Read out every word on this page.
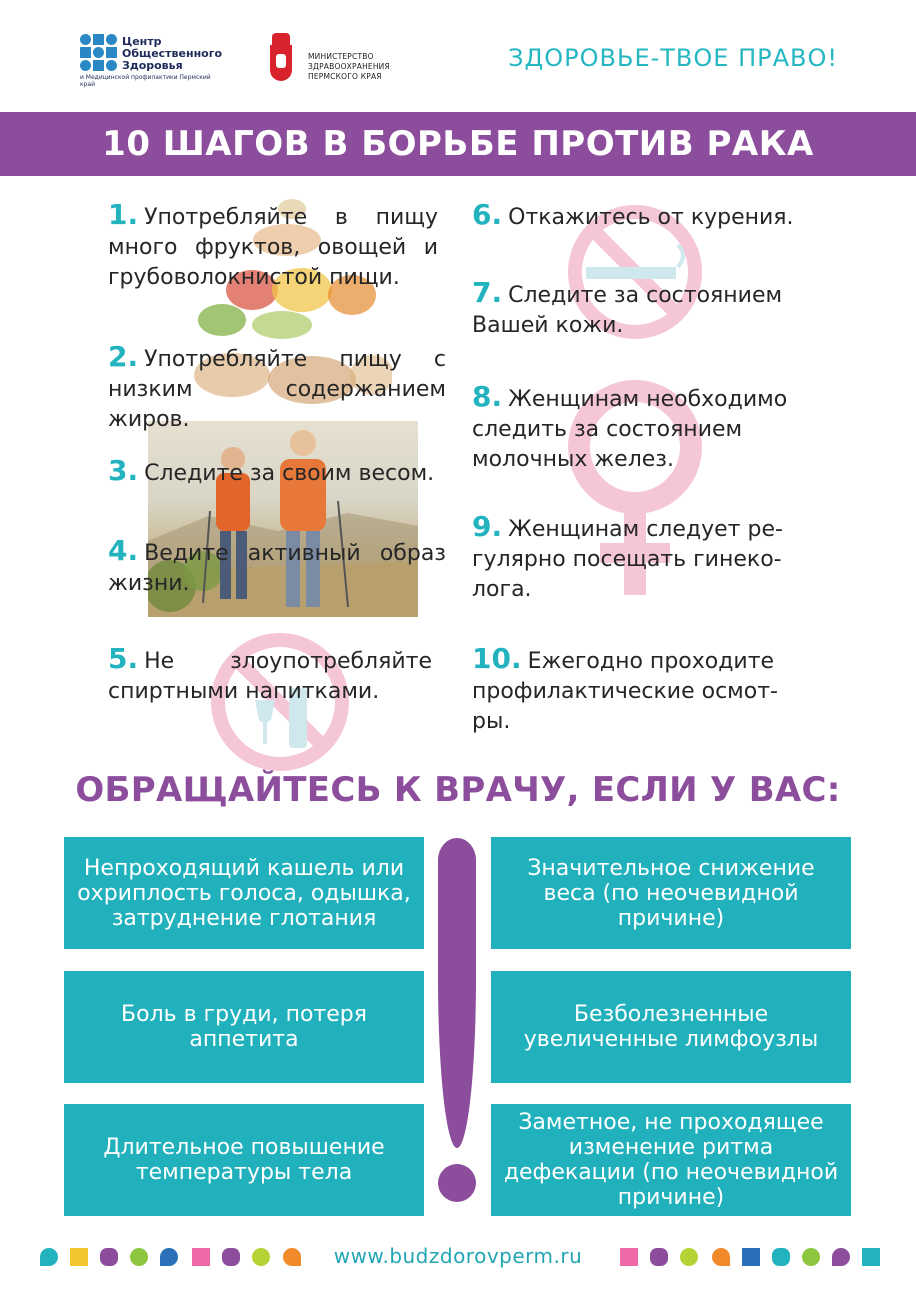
Центр
Общественного
Здоровья
и Медицинской профилактики Пермский край
МИНИСТЕРСТВО
ЗДРАВООХРАНЕНИЯ
ПЕРМСКОГО КРАЯ
ЗДОРОВЬЕ-ТВОЕ ПРАВО!
10 ШАГОВ В БОРЬБЕ ПРОТИВ РАКА
1. Употребляйте в пищу много фруктов, овощей и грубоволокнистой пищи.
2. Употребляйте пищу с низким содержанием жиров.
3. Следите за своим весом.
4. Ведите активный образ жизни.
5. Не злоупотребляйте спиртными напитками.
6. Откажитесь от курения.
7. Следите за состоянием Вашей кожи.
8. Женщинам необходимо следить за состоянием молочных желез.
9. Женщинам следует ре-гулярно посещать гинеко-лога.
10. Ежегодно проходите профилактические осмот-ры.
ОБРАЩАЙТЕСЬ К ВРАЧУ, ЕСЛИ У ВАС:
Непроходящий кашель или охриплость голоса, одышка, затруднение глотания
Значительное снижение веса (по неочевидной причине)
Боль в груди, потеря аппетита
Безболезненные увеличенные лимфоузлы
Длительное повышение температуры тела
Заметное, не проходящее изменение ритма дефекации (по неочевидной причине)
www.budzdorovperm.ru
